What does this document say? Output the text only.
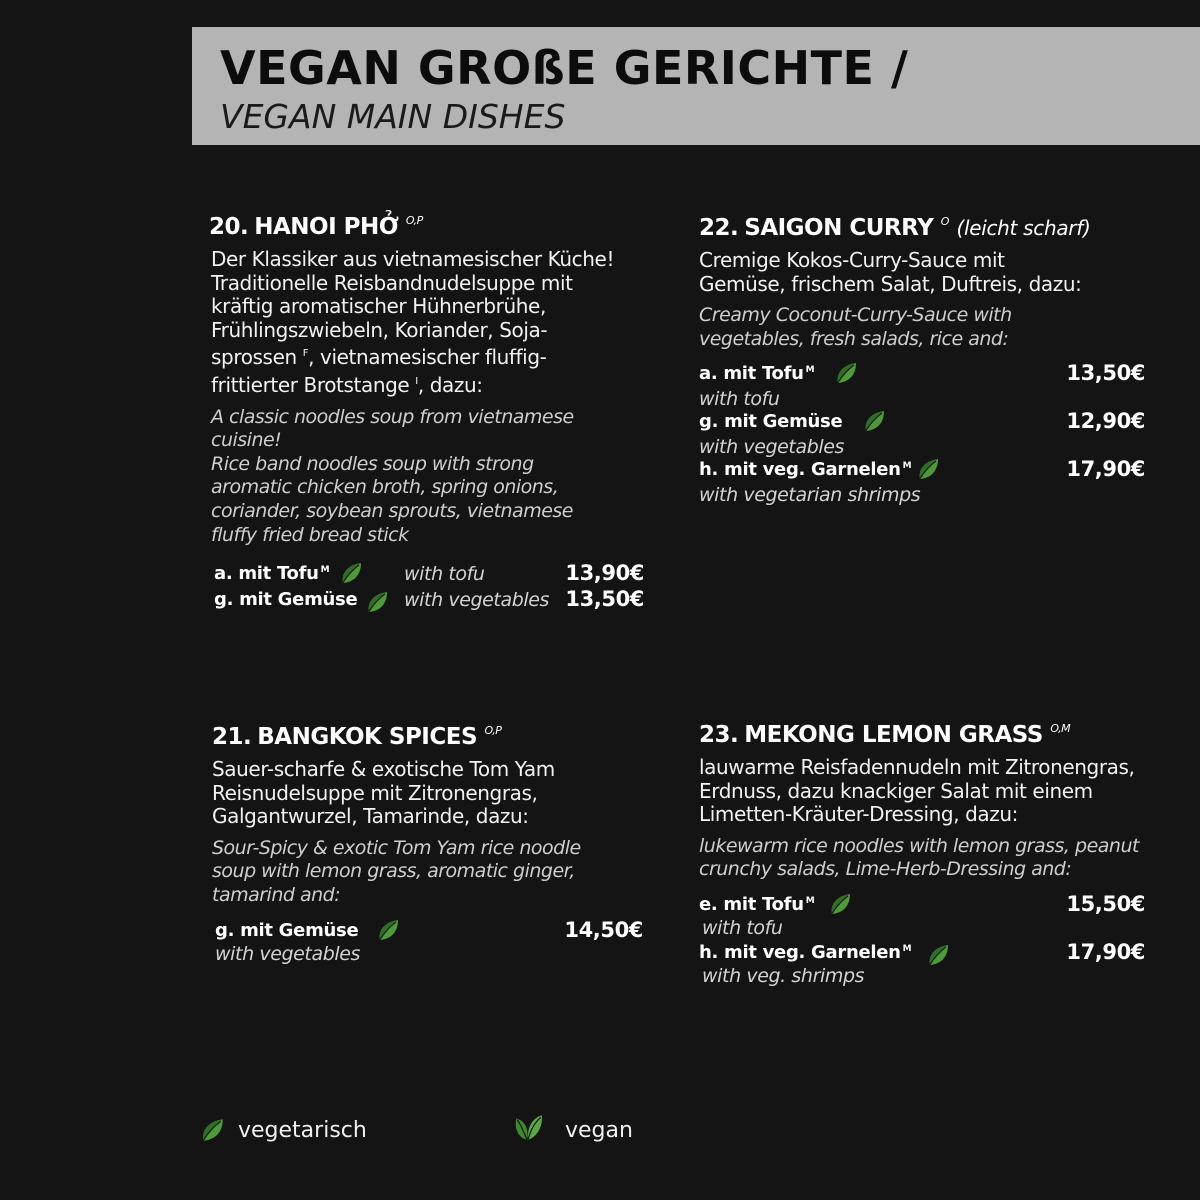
VEGAN GROßE GERICHTE /
VEGAN MAIN DISHES
20. HANOI PHỞ $^{O,P}$
Der Klassiker aus vietnamesischer Küche!
Traditionelle Reisbandnudelsuppe mit
kräftig aromatischer Hühnerbrühe,
Frühlingszwiebeln, Koriander, Soja-
sprossen $^F$, vietnamesischer fluffig-
frittierter Brotstange $^I$, dazu:
A classic noodles soup from vietnamese
cuisine!
Rice band noodles soup with strong
aromatic chicken broth, spring onions,
coriander, soybean sprouts, vietnamese
fluffy fried bread stick
a. mit Tofu $^M$	with tofu	13,90€
g. mit Gemüse with vegetables 13,50€
22. SAIGON CURRY $^O$ (leicht scharf)
Cremige Kokos-Curry-Sauce mit
Gemüse, frischem Salat, Duftreis, dazu:
Creamy Coconut-Curry-Sauce with
vegetables, fresh salads, rice and:
a. mit Tofu $^M$	13,50€
with tofu
g. mit Gemüse	12,90€
with vegetables
h. mit veg. Garnelen $^M$	17,90€
with vegetarian shrimps
21. BANGKOK SPICES $^{O,P}$
Sauer-scharfe & exotische Tom Yam
Reisnudelsuppe mit Zitronengras,
Galgantwurzel, Tamarinde, dazu:
Sour-Spicy & exotic Tom Yam rice noodle
soup with lemon grass, aromatic ginger,
tamarind and:
g. mit Gemüse	14,50€
with vegetables
23. MEKONG LEMON GRASS $^{O,M}$
lauwarme Reisfadennudeln mit Zitronengras,
Erdnuss, dazu knackiger Salat mit einem
Limetten-Kräuter-Dressing, dazu:
lukewarm rice noodles with lemon grass, peanut
crunchy salads, Lime-Herb-Dressing and:
e. mit Tofu $^M$	15,50€
with tofu
h. mit veg. Garnelen $^M$	17,90€
with veg. shrimps
vegetarisch	vegan
